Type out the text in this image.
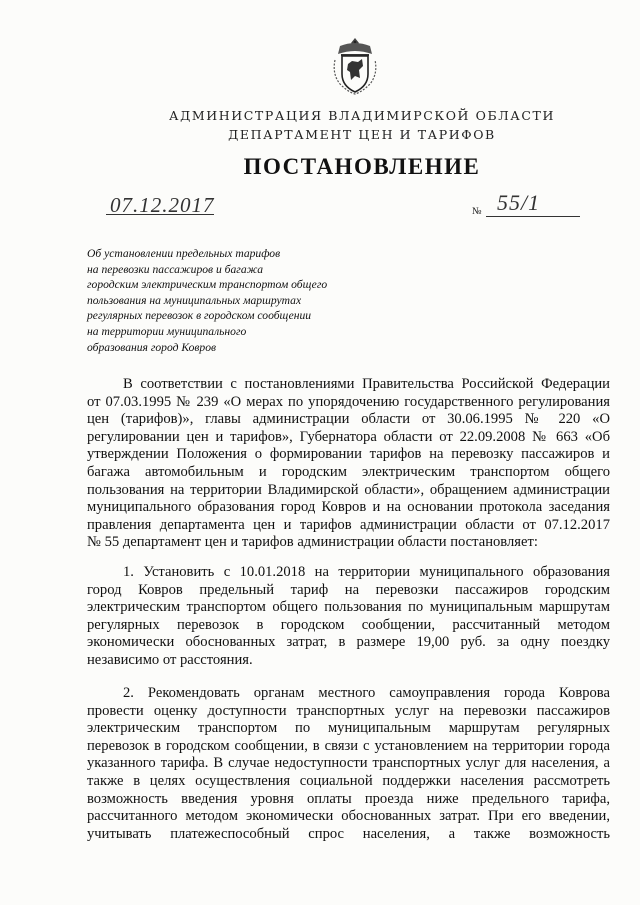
АДМИНИСТРАЦИЯ ВЛАДИМИРСКОЙ ОБЛАСТИ
ДЕПАРТАМЕНТ ЦЕН И ТАРИФОВ
ПОСТАНОВЛЕНИЕ
07.12.2017	№ 55/1
Об установлении предельных тарифов
на перевозки пассажиров и багажа
городским электрическим транспортом общего
пользования на муниципальных маршрутах
регулярных перевозок в городском сообщении
на территории муниципального
образования город Ковров
В соответствии с постановлениями Правительства Российской Федерации
от 07.03.1995 № 239 «О мерах по упорядочению государственного регулирования
цен (тарифов)», главы администрации области от 30.06.1995 № 220 «О
регулировании цен и тарифов», Губернатора области от 22.09.2008 № 663 «Об
утверждении Положения о формировании тарифов на перевозку пассажиров и
багажа автомобильным и городским электрическим транспортом общего
пользования на территории Владимирской области», обращением администрации
муниципального образования город Ковров и на основании протокола заседания
правления департамента цен и тарифов администрации области от 07.12.2017
№ 55 департамент цен и тарифов администрации области постановляет:
1. Установить с 10.01.2018 на территории муниципального образования
город Ковров предельный тариф на перевозки пассажиров городским
электрическим транспортом общего пользования по муниципальным маршрутам
регулярных перевозок в городском сообщении, рассчитанный методом
экономически обоснованных затрат, в размере 19,00 руб. за одну поездку
независимо от расстояния.
2. Рекомендовать органам местного самоуправления города Коврова
провести оценку доступности транспортных услуг на перевозки пассажиров
электрическим транспортом по муниципальным маршрутам регулярных
перевозок в городском сообщении, в связи с установлением на территории города
указанного тарифа. В случае недоступности транспортных услуг для населения, а
также в целях осуществления социальной поддержки населения рассмотреть
возможность введения уровня оплаты проезда ниже предельного тарифа,
рассчитанного методом экономически обоснованных затрат. При его введении,
учитывать платежеспособный спрос населения, а также возможность
